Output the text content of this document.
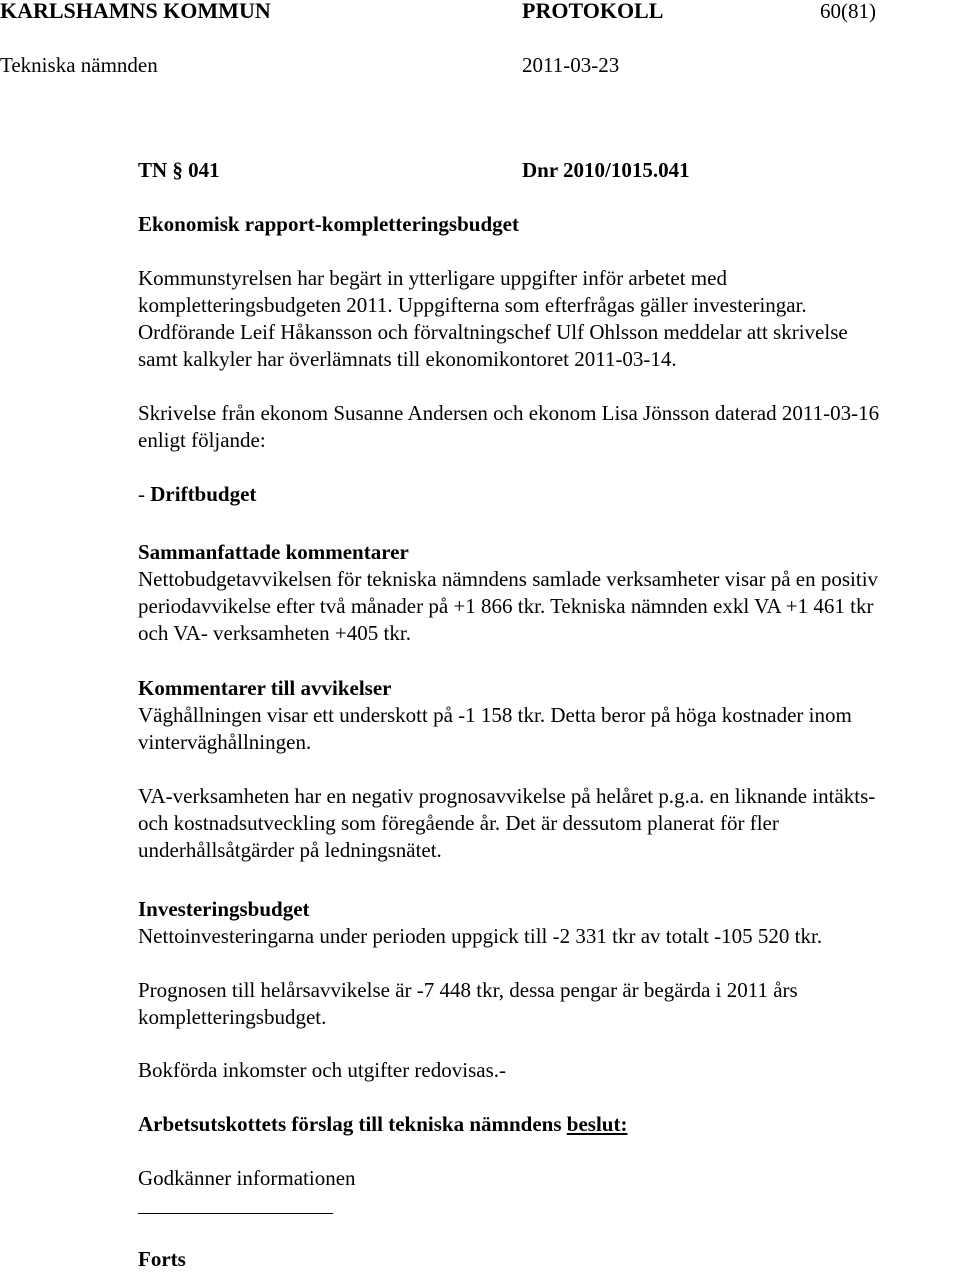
KARLSHAMNS KOMMUN	PROTOKOLL	60(81)
Tekniska nämnden	2011-03-23
TN § 041	Dnr 2010/1015.041
Ekonomisk rapport-kompletteringsbudget
Kommunstyrelsen har begärt in ytterligare uppgifter inför arbetet med
kompletteringsbudgeten 2011. Uppgifterna som efterfrågas gäller investeringar.
Ordförande Leif Håkansson och förvaltningschef Ulf Ohlsson meddelar att skrivelse
samt kalkyler har överlämnats till ekonomikontoret 2011-03-14.
Skrivelse från ekonom Susanne Andersen och ekonom Lisa Jönsson daterad 2011-03-16
enligt följande:
- Driftbudget
Sammanfattade kommentarer
Nettobudgetavvikelsen för tekniska nämndens samlade verksamheter visar på en positiv
periodavvikelse efter två månader på +1 866 tkr. Tekniska nämnden exkl VA +1 461 tkr
och VA- verksamheten +405 tkr.
Kommentarer till avvikelser
Väghållningen visar ett underskott på -1 158 tkr. Detta beror på höga kostnader inom
vinterväghållningen.
VA-verksamheten har en negativ prognosavvikelse på helåret p.g.a. en liknande intäkts-
och kostnadsutveckling som föregående år. Det är dessutom planerat för fler
underhållsåtgärder på ledningsnätet.
Investeringsbudget
Nettoinvesteringarna under perioden uppgick till -2 331 tkr av totalt -105 520 tkr.
Prognosen till helårsavvikelse är -7 448 tkr, dessa pengar är begärda i 2011 års
kompletteringsbudget.
Bokförda inkomster och utgifter redovisas.-
Arbetsutskottets förslag till tekniska nämndens beslut:
Godkänner informationen
Forts
